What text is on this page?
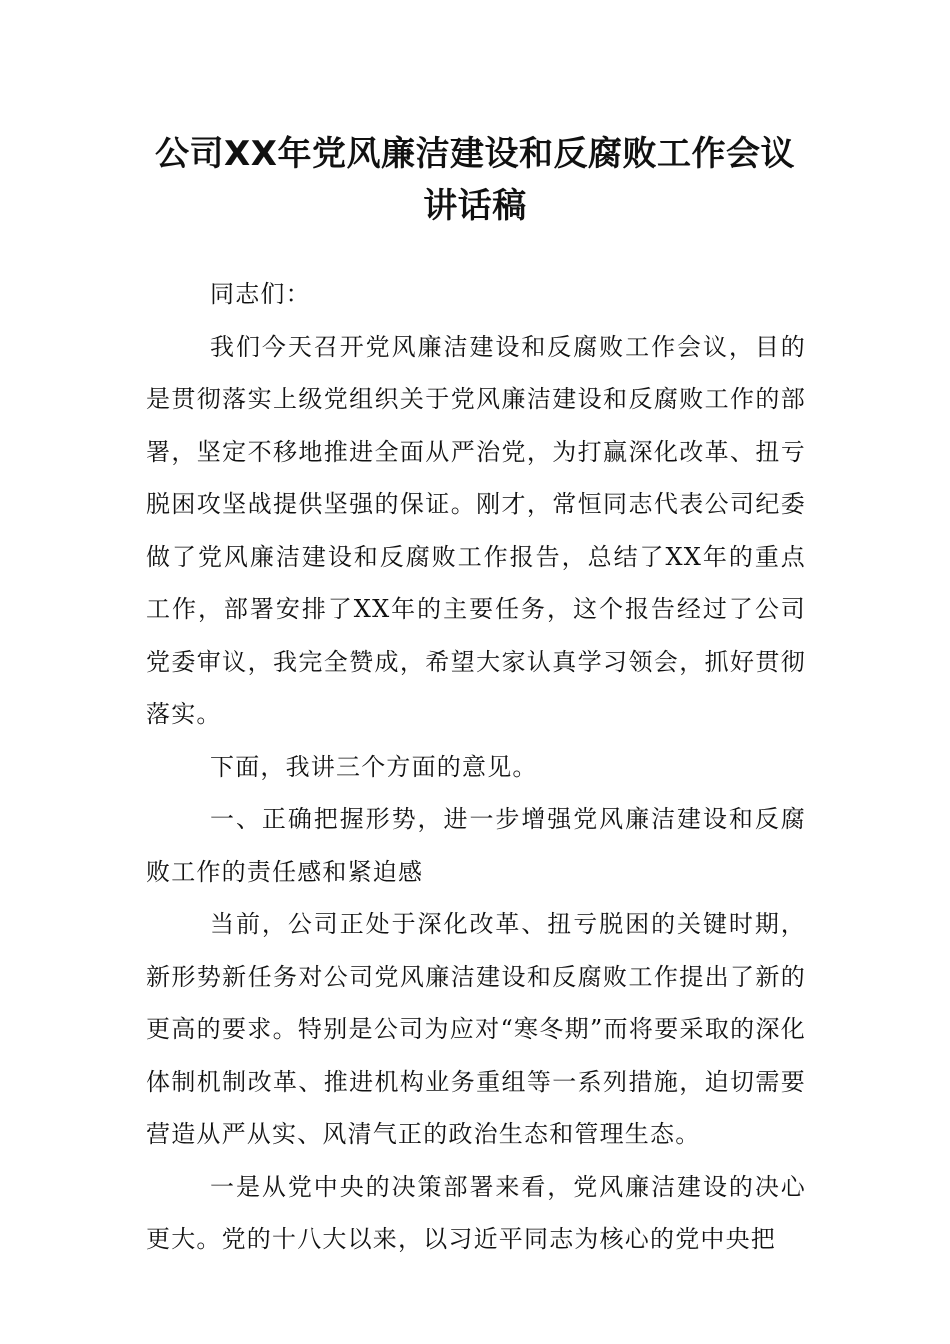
公司XX年党风廉洁建设和反腐败工作会议
讲话稿

同志们：

我们今天召开党风廉洁建设和反腐败工作会议，目的是贯彻落实上级党组织关于党风廉洁建设和反腐败工作的部署，坚定不移地推进全面从严治党，为打赢深化改革、扭亏脱困攻坚战提供坚强的保证。刚才，常恒同志代表公司纪委做了党风廉洁建设和反腐败工作报告，总结了XX年的重点工作，部署安排了XX年的主要任务，这个报告经过了公司党委审议，我完全赞成，希望大家认真学习领会，抓好贯彻落实。

下面，我讲三个方面的意见。

一、正确把握形势，进一步增强党风廉洁建设和反腐败工作的责任感和紧迫感

当前，公司正处于深化改革、扭亏脱困的关键时期，新形势新任务对公司党风廉洁建设和反腐败工作提出了新的更高的要求。特别是公司为应对“寒冬期”而将要采取的深化体制机制改革、推进机构业务重组等一系列措施，迫切需要营造从严从实、风清气正的政治生态和管理生态。

一是从党中央的决策部署来看，党风廉洁建设的决心更大。党的十八大以来，以习近平同志为核心的党中央把
